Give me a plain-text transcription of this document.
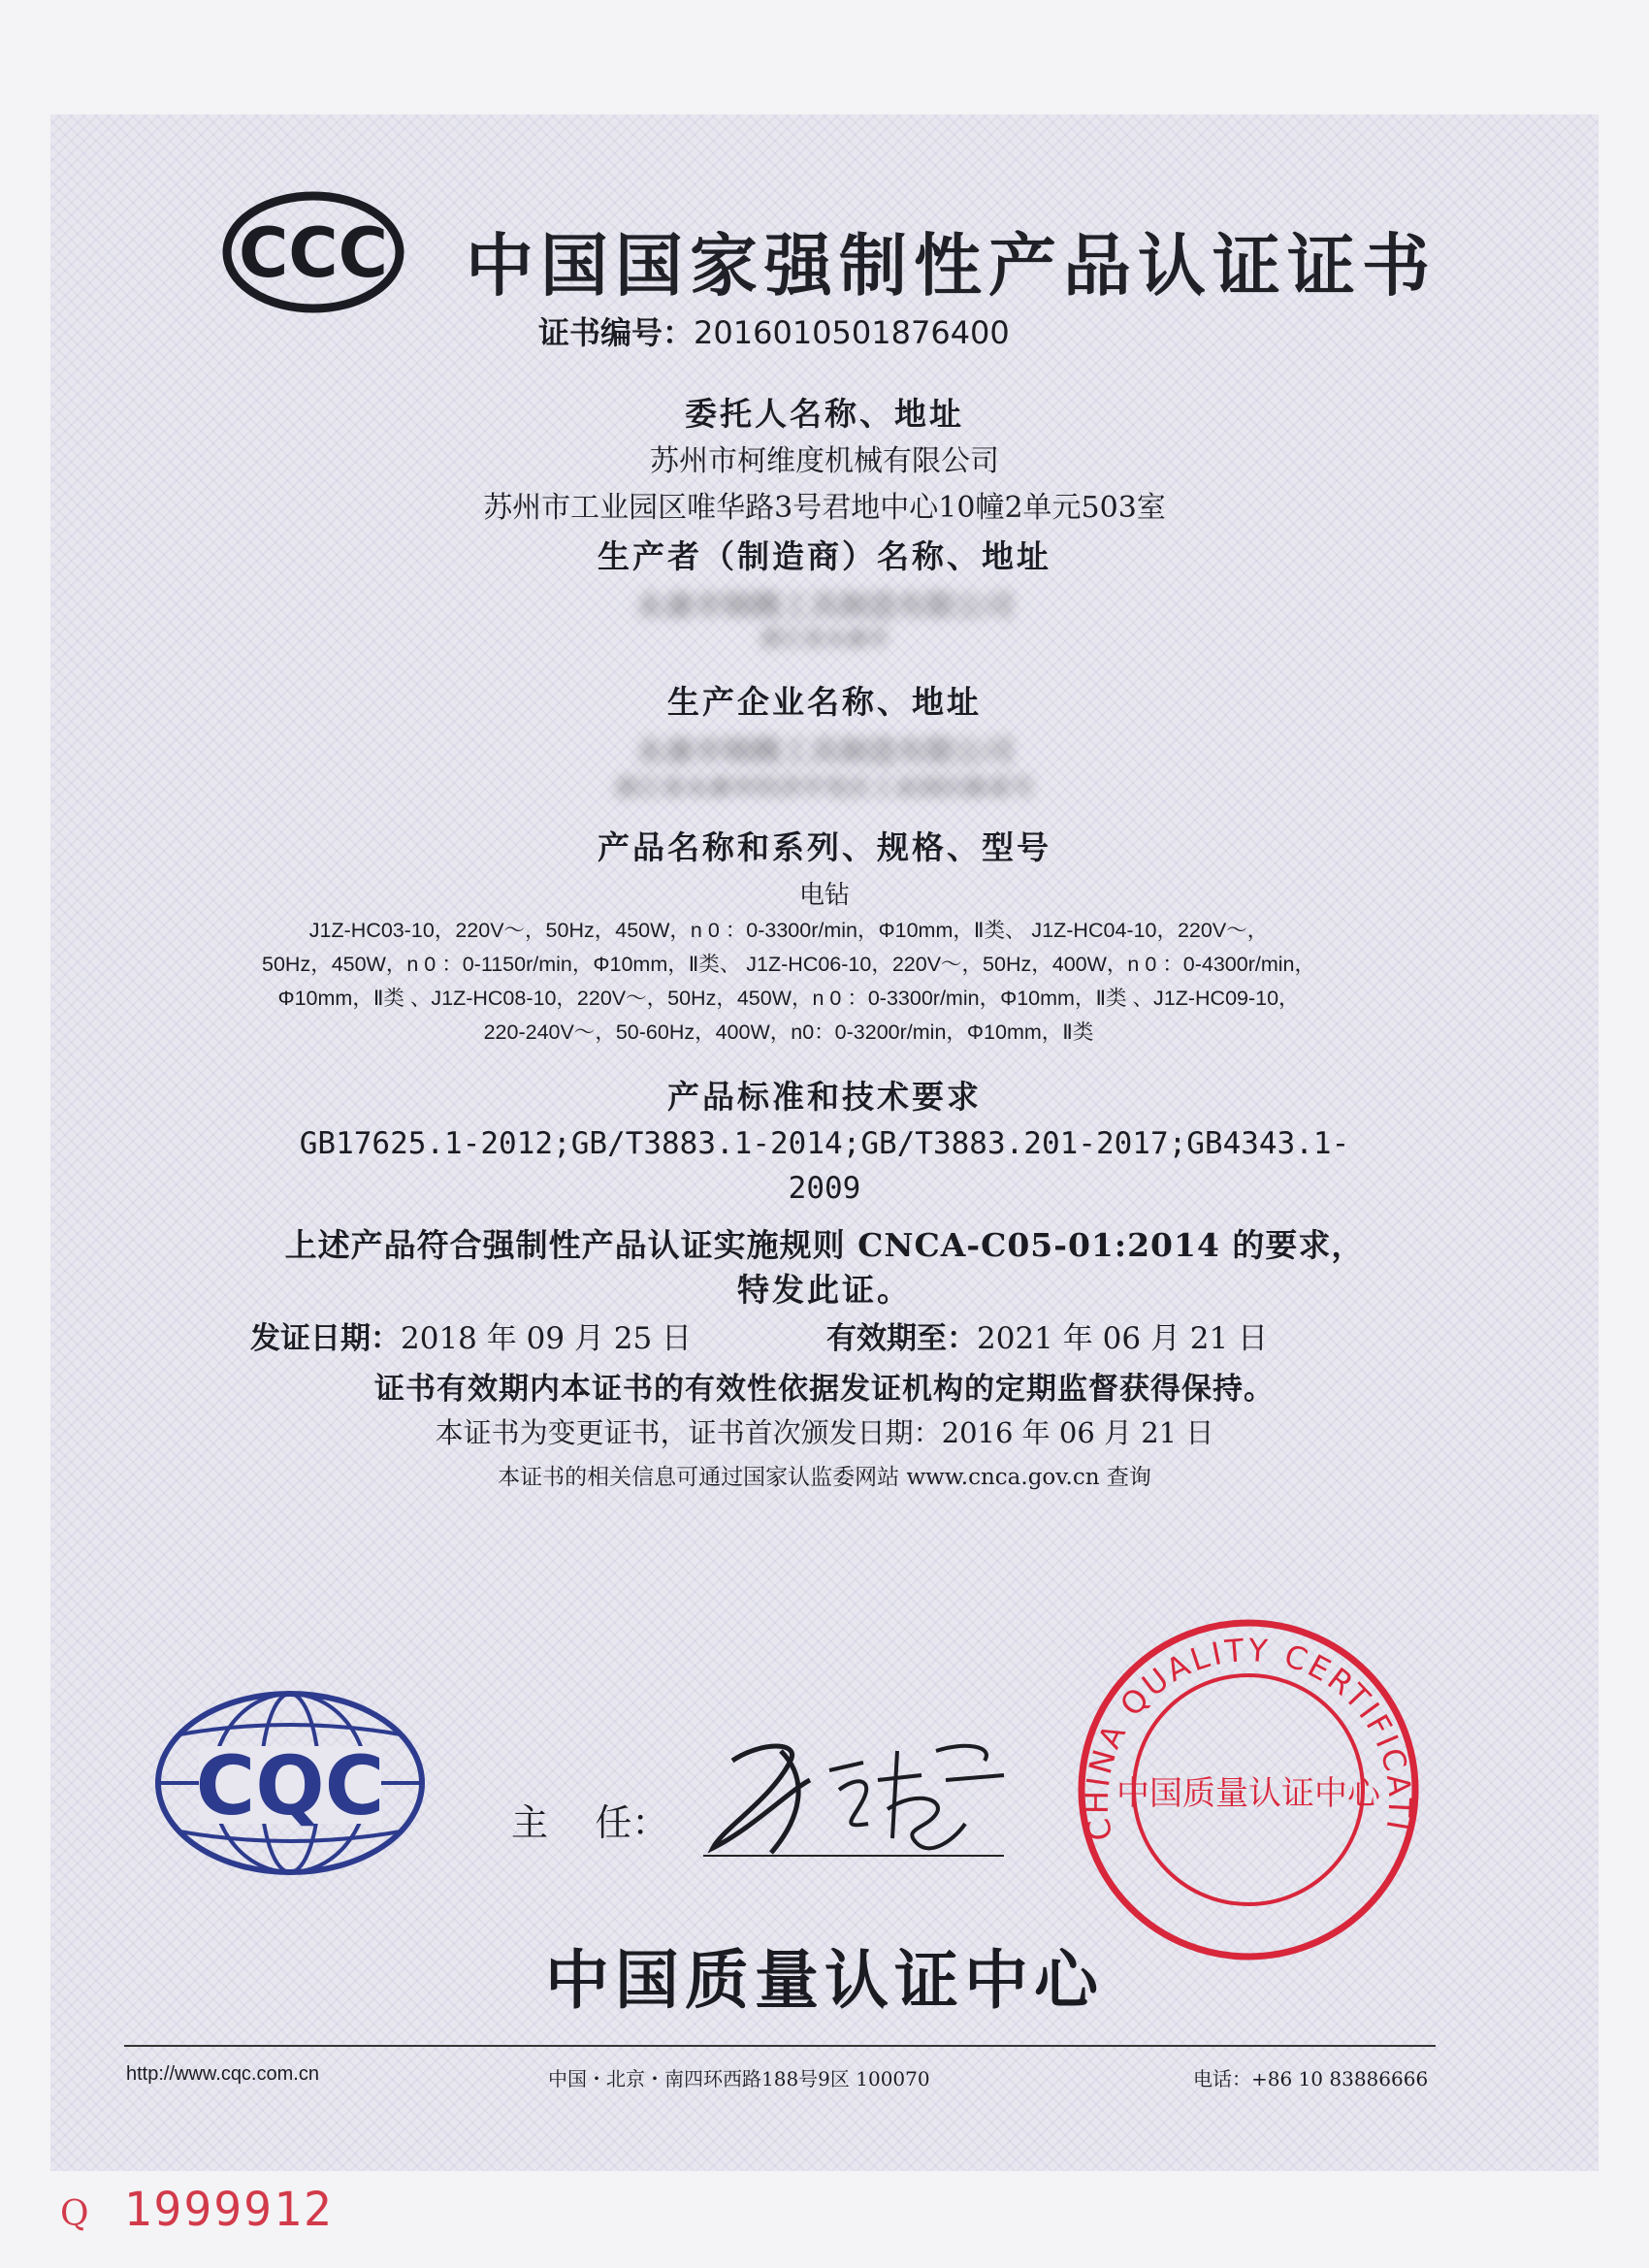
CCC 中国国家强制性产品认证证书
证书编号：2016010501876400
委托人名称、地址
苏州市柯维度机械有限公司
苏州市工业园区唯华路3号君地中心10幢2单元503室
生产者（制造商）名称、地址
永康市锦腾工具制造有限公司
浙江省永康市
生产企业名称、地址
永康市锦腾工具制造有限公司
浙江省永康市经济开发区工业园区路某号
产品名称和系列、规格、型号
电钻
J1Z-HC03-10，220V～，50Hz，450W，n 0 ：0-3300r/min，Φ10mm，Ⅱ类、 J1Z-HC04-10，220V～，
50Hz，450W，n 0 ：0-1150r/min，Φ10mm，Ⅱ类、 J1Z-HC06-10，220V～，50Hz，400W，n 0 ：0-4300r/min，
Φ10mm，Ⅱ类 、J1Z-HC08-10，220V～，50Hz，450W，n 0 ：0-3300r/min，Φ10mm，Ⅱ类 、J1Z-HC09-10，
220-240V～，50-60Hz，400W，n0：0-3200r/min，Φ10mm，Ⅱ类
产品标准和技术要求
GB17625.1-2012;GB/T3883.1-2014;GB/T3883.201-2017;GB4343.1-
2009
上述产品符合强制性产品认证实施规则 CNCA-C05-01:2014 的要求，
特发此证。
发证日期：2018 年 09 月 25 日	有效期至：2021 年 06 月 21 日
证书有效期内本证书的有效性依据发证机构的定期监督获得保持。
本证书为变更证书，证书首次颁发日期：2016 年 06 月 21 日
本证书的相关信息可通过国家认监委网站 www.cnca.gov.cn 查询
CQC	主    任：	CHINA QUALITY CERTIFICATI
中国质量认证中心
中国质量认证中心
http://www.cqc.com.cn	中国・北京・南四环西路188号9区 100070	电话：+86 10 83886666
Q 1999912
